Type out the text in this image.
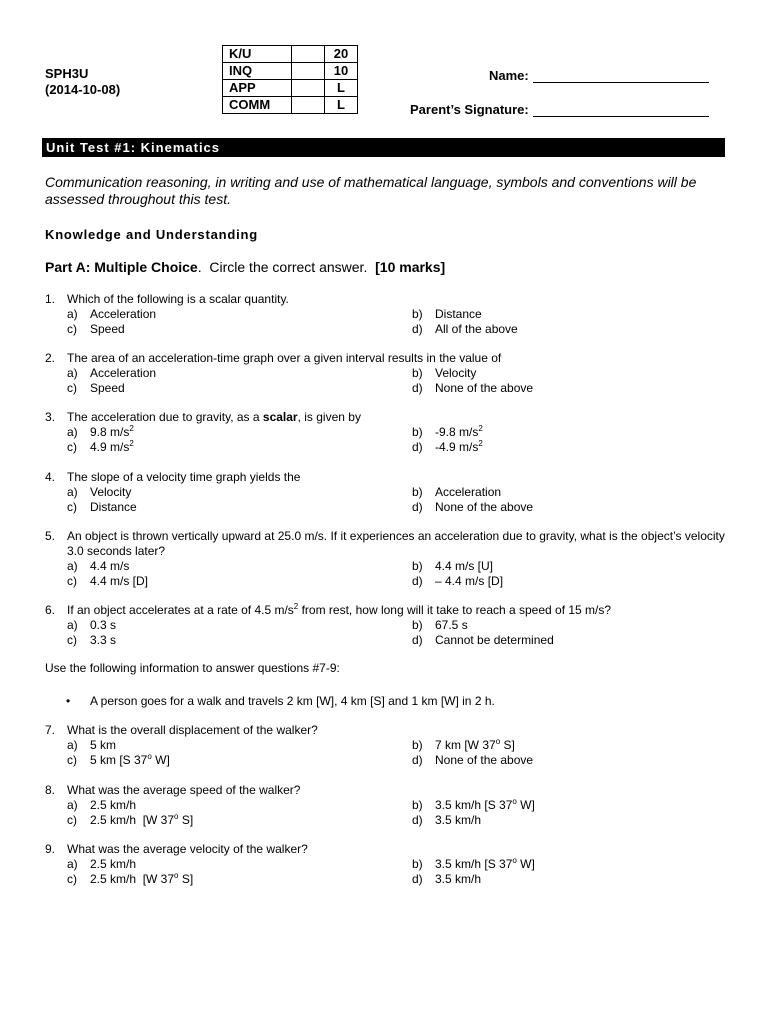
SPH3U
(2014-10-08)
K/U		20
INQ		10
APP		L
COMM		L
Name:
Parent’s Signature:
Unit Test #1: Kinematics
Communication reasoning, in writing and use of mathematical language, symbols and conventions will be assessed throughout this test.
Knowledge and Understanding
Part A: Multiple Choice.  Circle the correct answer.  [10 marks]
1. Which of the following is a scalar quantity.
a)	Acceleration	b)	Distance
c)	Speed	d)	All of the above
2. The area of an acceleration-time graph over a given interval results in the value of
a)	Acceleration	b)	Velocity
c)	Speed	d)	None of the above
3. The acceleration due to gravity, as a scalar, is given by
a)	9.8 $m/s^2$	b)	-9.8 $m/s^2$
c)	4.9 $m/s^2$	d)	-4.9 $m/s^2$
4. The slope of a velocity time graph yields the
a)	Velocity	b)	Acceleration
c)	Distance	d)	None of the above
5. An object is thrown vertically upward at 25.0 m/s. If it experiences an acceleration due to gravity, what is the object’s velocity 3.0 seconds later?
a)	4.4 m/s	b)	4.4 m/s [U]
c)	4.4 m/s [D]	d)	– 4.4 m/s [D]
6. If an object accelerates at a rate of 4.5 $m/s^2$ from rest, how long will it take to reach a speed of 15 m/s?
a)	0.3 s	b)	67.5 s
c)	3.3 s	d)	Cannot be determined
Use the following information to answer questions #7-9:
•	A person goes for a walk and travels 2 km [W], 4 km [S] and 1 km [W] in 2 h.
7. What is the overall displacement of the walker?
a)	5 km	b)	7 km [W 37$^o$ S]
c)	5 km [S 37$^o$ W]	d)	None of the above
8. What was the average speed of the walker?
a)	2.5 km/h	b)	3.5 km/h [S 37$^o$ W]
c)	2.5 km/h  [W 37$^o$ S]	d)	3.5 km/h
9. What was the average velocity of the walker?
a)	2.5 km/h	b)	3.5 km/h [S 37$^o$ W]
c)	2.5 km/h  [W 37$^o$ S]	d)	3.5 km/h
